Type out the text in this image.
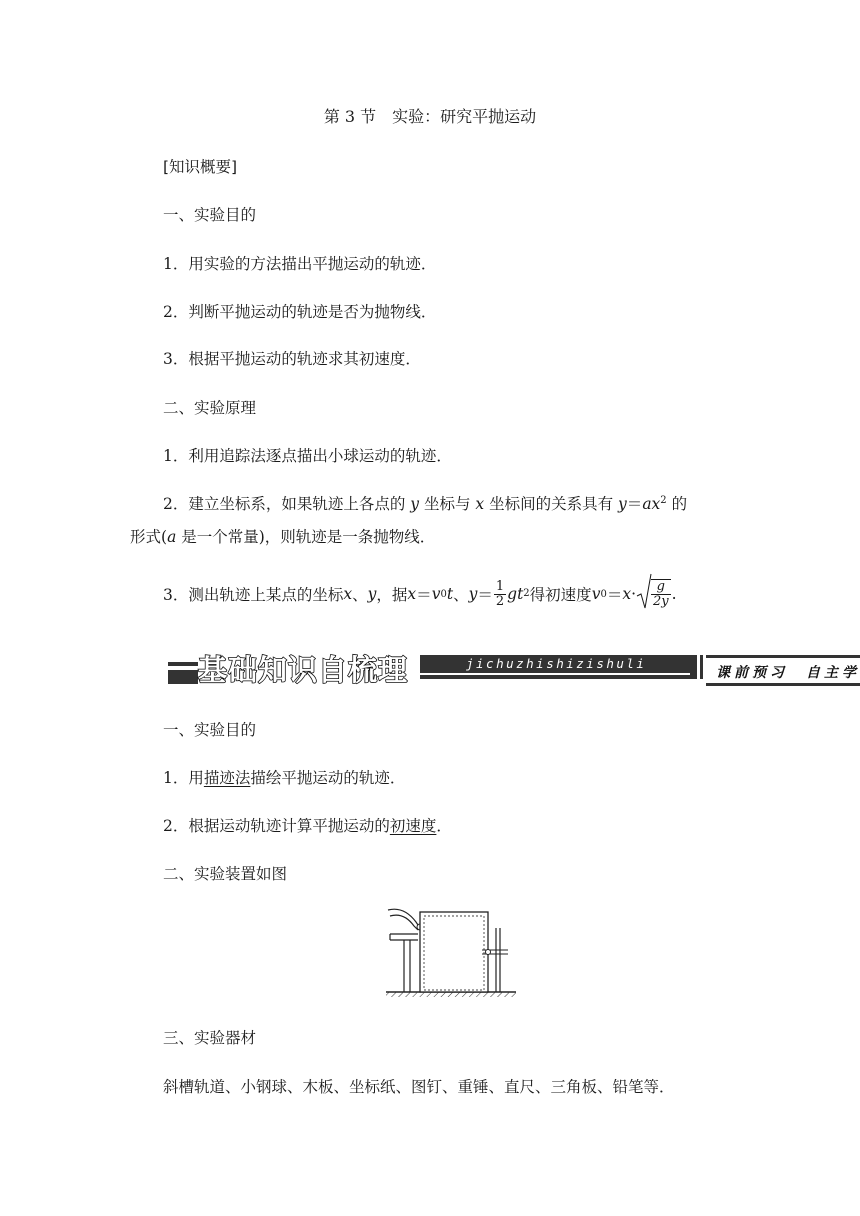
第 3 节　实验：研究平抛运动
[知识概要]
一、实验目的
1．用实验的方法描出平抛运动的轨迹．
2．判断平抛运动的轨迹是否为抛物线．
3．根据平抛运动的轨迹求其初速度．
二、实验原理
1．利用追踪法逐点描出小球运动的轨迹．
2．建立坐标系，如果轨迹上各点的 y 坐标与 x 坐标间的关系具有 $y=ax^2$ 的
形式(a 是一个常量)，则轨迹是一条抛物线．
3．测出轨迹上某点的坐标 x 、 y ，据 x ＝ v 0 t 、 $y = \frac{1}{2}$ gt 2 得初速度 v $0 = x \cdot \frac{g}{2y}$ .
基础知识自梳理	jichuzhishizishuli
课前预习　自主学
一、实验目的
1．用描迹法描绘平抛运动的轨迹．
2．根据运动轨迹计算平抛运动的初速度．
二、实验装置如图
三、实验器材
斜槽轨道、小钢球、木板、坐标纸、图钉、重锤、直尺、三角板、铅笔等．
